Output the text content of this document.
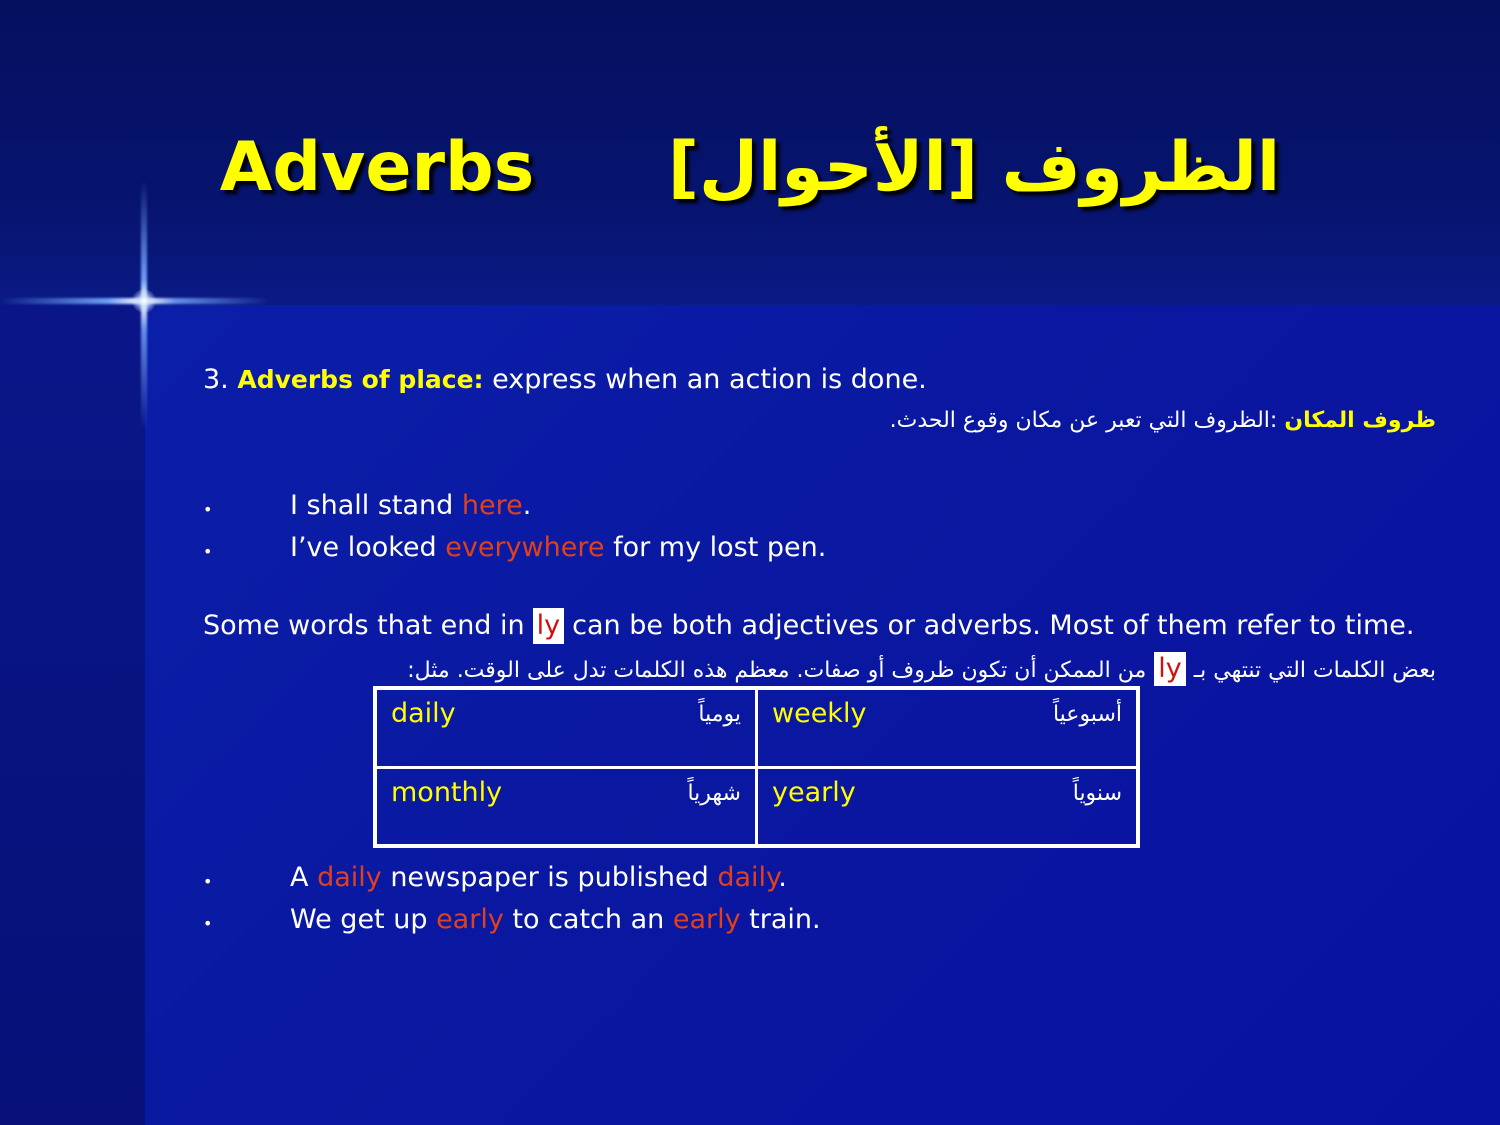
Adverbs الظروف [الأحوال]
3. Adverbs of place: express when an action is done.
ظروف المكان :الظروف التي تعبر عن مكان وقوع الحدث.
•	I shall stand here.
•	I’ve looked everywhere for my lost pen.
Some words that end in ly can be both adjectives or adverbs. Most of them refer to time.
بعض الكلمات التي تنتهي بـlyمن الممكن أن تكون ظروف أو صفات. معظم هذه الكلمات تدل على الوقت. مثل:
daily يومياً	weekly أسبوعياً

monthly شهرياً	yearly سنوياً
•	A daily newspaper is published daily.
•	We get up early to catch an early train.
